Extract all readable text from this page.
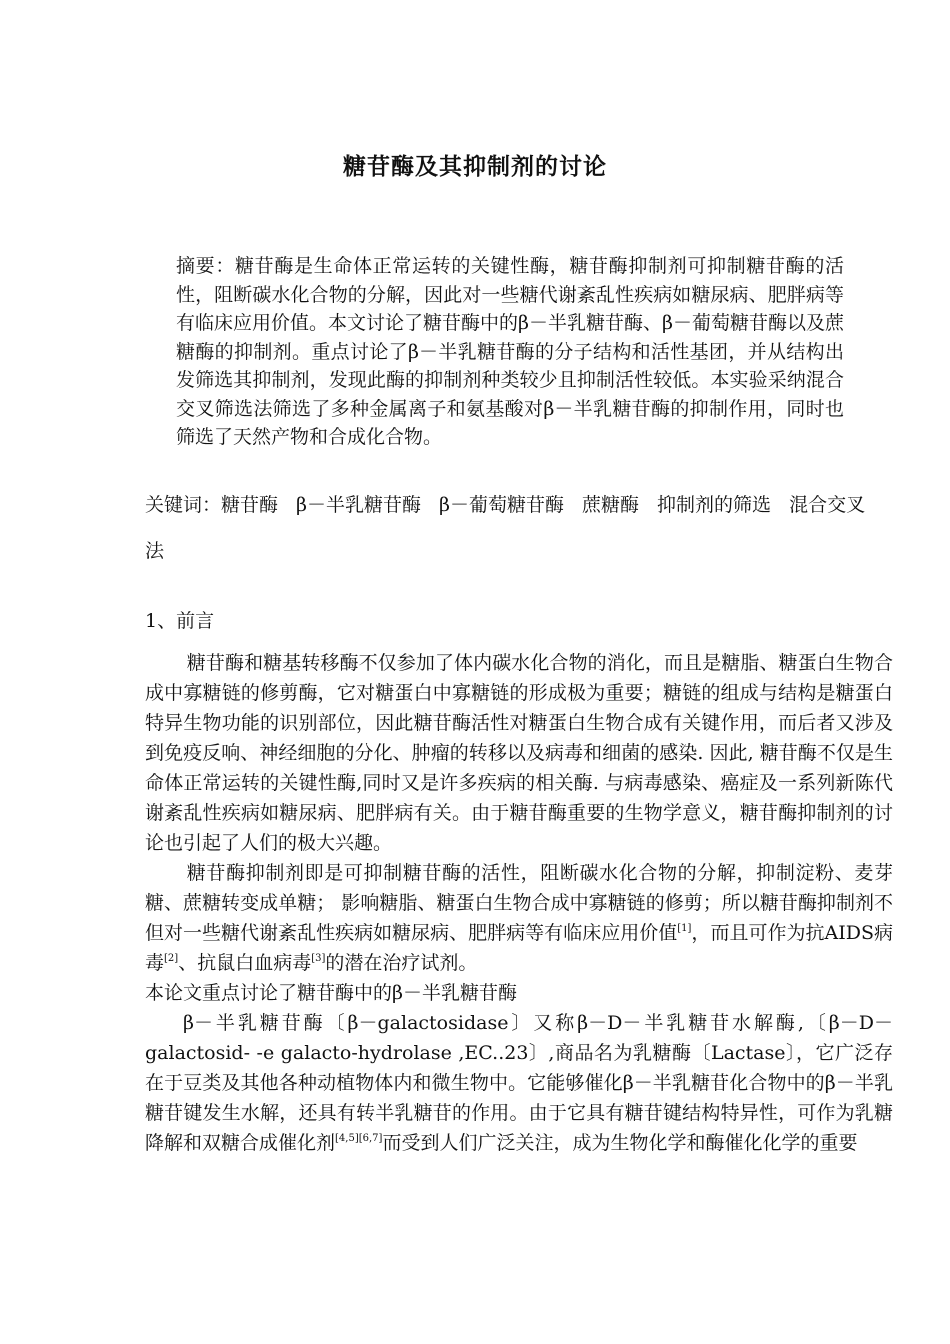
糖苷酶及其抑制剂的讨论
摘要：糖苷酶是生命体正常运转的关键性酶，糖苷酶抑制剂可抑制糖苷酶的活性，阻断碳水化合物的分解，因此对一些糖代谢紊乱性疾病如糖尿病、肥胖病等有临床应用价值。本文讨论了糖苷酶中的β－半乳糖苷酶、β－葡萄糖苷酶以及蔗糖酶的抑制剂。重点讨论了β－半乳糖苷酶的分子结构和活性基团，并从结构出发筛选其抑制剂，发现此酶的抑制剂种类较少且抑制活性较低。本实验采纳混合交叉筛选法筛选了多种金属离子和氨基酸对β－半乳糖苷酶的抑制作用，同时也筛选了天然产物和合成化合物。
关键词：糖苷酶 β－半乳糖苷酶 β－葡萄糖苷酶 蔗糖酶 抑制剂的筛选 混合交叉法
1、前言

糖苷酶和糖基转移酶不仅参加了体内碳水化合物的消化，而且是糖脂、糖蛋白生物合成中寡糖链的修剪酶，它对糖蛋白中寡糖链的形成极为重要；糖链的组成与结构是糖蛋白特异生物功能的识别部位，因此糖苷酶活性对糖蛋白生物合成有关键作用，而后者又涉及到免疫反响、神经细胞的分化、肿瘤的转移以及病毒和细菌的感染. 因此, 糖苷酶不仅是生命体正常运转的关键性酶,同时又是许多疾病的相关酶. 与病毒感染、癌症及一系列新陈代谢紊乱性疾病如糖尿病、肥胖病有关。由于糖苷酶重要的生物学意义，糖苷酶抑制剂的讨论也引起了人们的极大兴趣。

糖苷酶抑制剂即是可抑制糖苷酶的活性，阻断碳水化合物的分解，抑制淀粉、麦芽糖、蔗糖转变成单糖； 影响糖脂、糖蛋白生物合成中寡糖链的修剪；所以糖苷酶抑制剂不但对一些糖代谢紊乱性疾病如糖尿病、肥胖病等有临床应用价值[1]，而且可作为抗AIDS病毒[2]、抗鼠白血病毒[3]的潜在治疗试剂。

本论文重点讨论了糖苷酶中的β－半乳糖苷酶

β－半乳糖苷酶〔β－galactosidase〕又称β－D－半乳糖苷水解酶,〔β－D－galactosid- -e galacto-hydrolase ,EC..23〕,商品名为乳糖酶〔Lactase〕，它广泛存在于豆类及其他各种动植物体内和微生物中。它能够催化β－半乳糖苷化合物中的β－半乳糖苷键发生水解，还具有转半乳糖苷的作用。由于它具有糖苷键结构特异性，可作为乳糖降解和双糖合成催化剂[4,5][6,7]而受到人们广泛关注，成为生物化学和酶催化化学的重要
